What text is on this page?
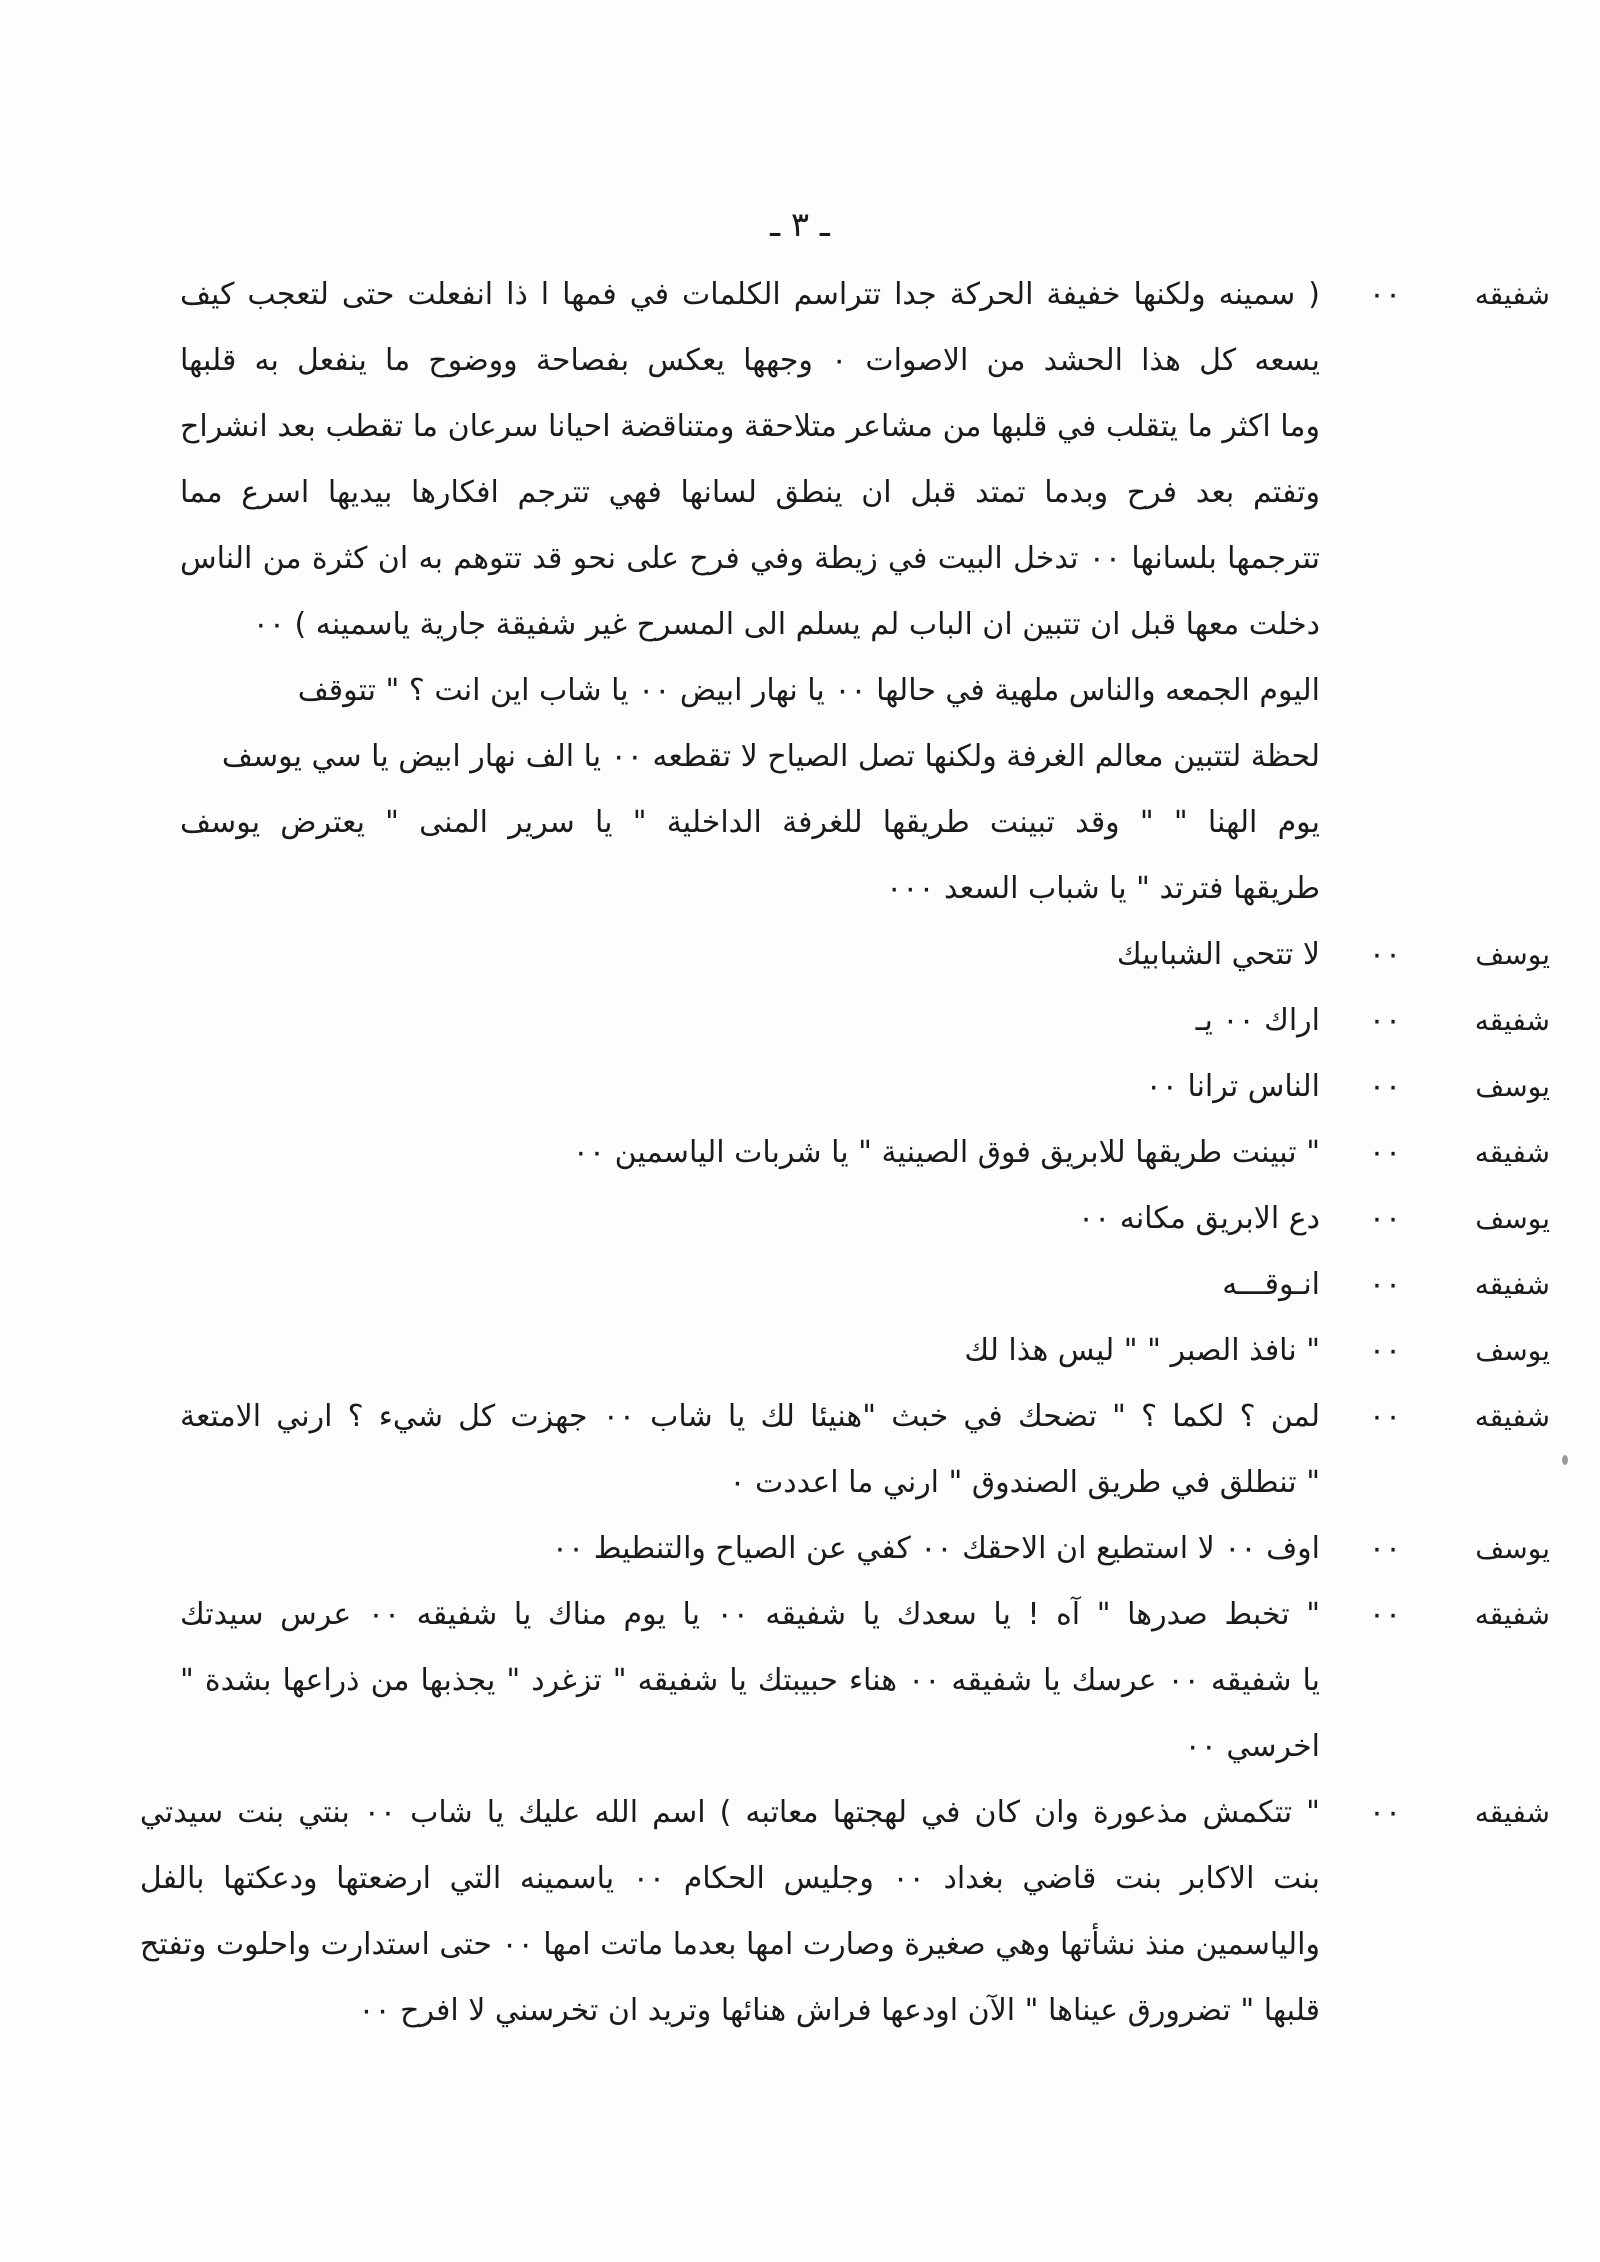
ـ ٣ ـ
شفيقه
٠٠
( سمينه ولكنها خفيفة الحركة جدا تتراسم الكلمات في فمها ا ذا انفعلت حتى لتعجب كيف
يسعه كل هذا الحشد من الاصوات ٠ وجهها يعكس بفصاحة ووضوح ما ينفعل به قلبها
وما اكثر ما يتقلب في قلبها من مشاعر متلاحقة ومتناقضة احيانا سرعان ما تقطب بعد انشراح
وتفتم بعد فرح وبدما تمتد قبل ان ينطق لسانها فهي تترجم افكارها بيديها اسرع مما
تترجمها بلسانها ٠٠ تدخل البيت في زيطة وفي فرح على نحو قد تتوهم به ان كثرة من الناس
دخلت معها قبل ان تتبين ان الباب لم يسلم الى المسرح غير شفيقة جارية ياسمينه ) ٠٠
اليوم الجمعه والناس ملهية في حالها ٠٠ يا نهار ابيض ٠٠ يا شاب اين انت ؟ " تتوقف
لحظة لتتبين معالم الغرفة ولكنها تصل الصياح لا تقطعه ٠٠ يا الف نهار ابيض يا سي يوسف
يوم الهنا " " وقد تبينت طريقها للغرفة الداخلية " يا سرير المنى " يعترض يوسف
طريقها فترتد " يا شباب السعد ٠٠٠
يوسف
٠٠
لا تتحي الشبابيك
شفيقه
٠٠
اراك ٠٠ يـ
يوسف
٠٠
الناس ترانا ٠٠
شفيقه
٠٠
" تبينت طريقها للابريق فوق الصينية " يا شربات الياسمين ٠٠
يوسف
٠٠
دع الابريق مكانه ٠٠
شفيقه
٠٠
انـوقـــه
يوسف
٠٠
" نافذ الصبر " " ليس هذا لك
شفيقه
٠٠
لمن ؟ لكما ؟ " تضحك في خبث "هنيئا لك يا شاب ٠٠ جهزت كل شيء ؟ ارني الامتعة
" تنطلق في طريق الصندوق " ارني ما اعددت ٠
يوسف
٠٠
اوف ٠٠ لا استطيع ان الاحقك ٠٠ كفي عن الصياح والتنطيط ٠٠
شفيقه
٠٠
" تخبط صدرها " آه ! يا سعدك يا شفيقه ٠٠ يا يوم مناك يا شفيقه ٠٠ عرس سيدتك
يا شفيقه ٠٠ عرسك يا شفيقه ٠٠ هناء حبيبتك يا شفيقه " تزغرد " يجذبها من ذراعها بشدة "
اخرسي ٠٠
شفيقه
٠٠
" تتكمش مذعورة وان كان في لهجتها معاتبه ) اسم الله عليك يا شاب ٠٠ بنتي بنت سيدتي
بنت الاكابر بنت قاضي بغداد ٠٠ وجليس الحكام ٠٠ ياسمينه التي ارضعتها ودعكتها بالفل
والياسمين منذ نشأتها وهي صغيرة وصارت امها بعدما ماتت امها ٠٠ حتى استدارت واحلوت وتفتح
قلبها " تضرورق عيناها " الآن اودعها فراش هنائها وتريد ان تخرسني لا افرح ٠٠
